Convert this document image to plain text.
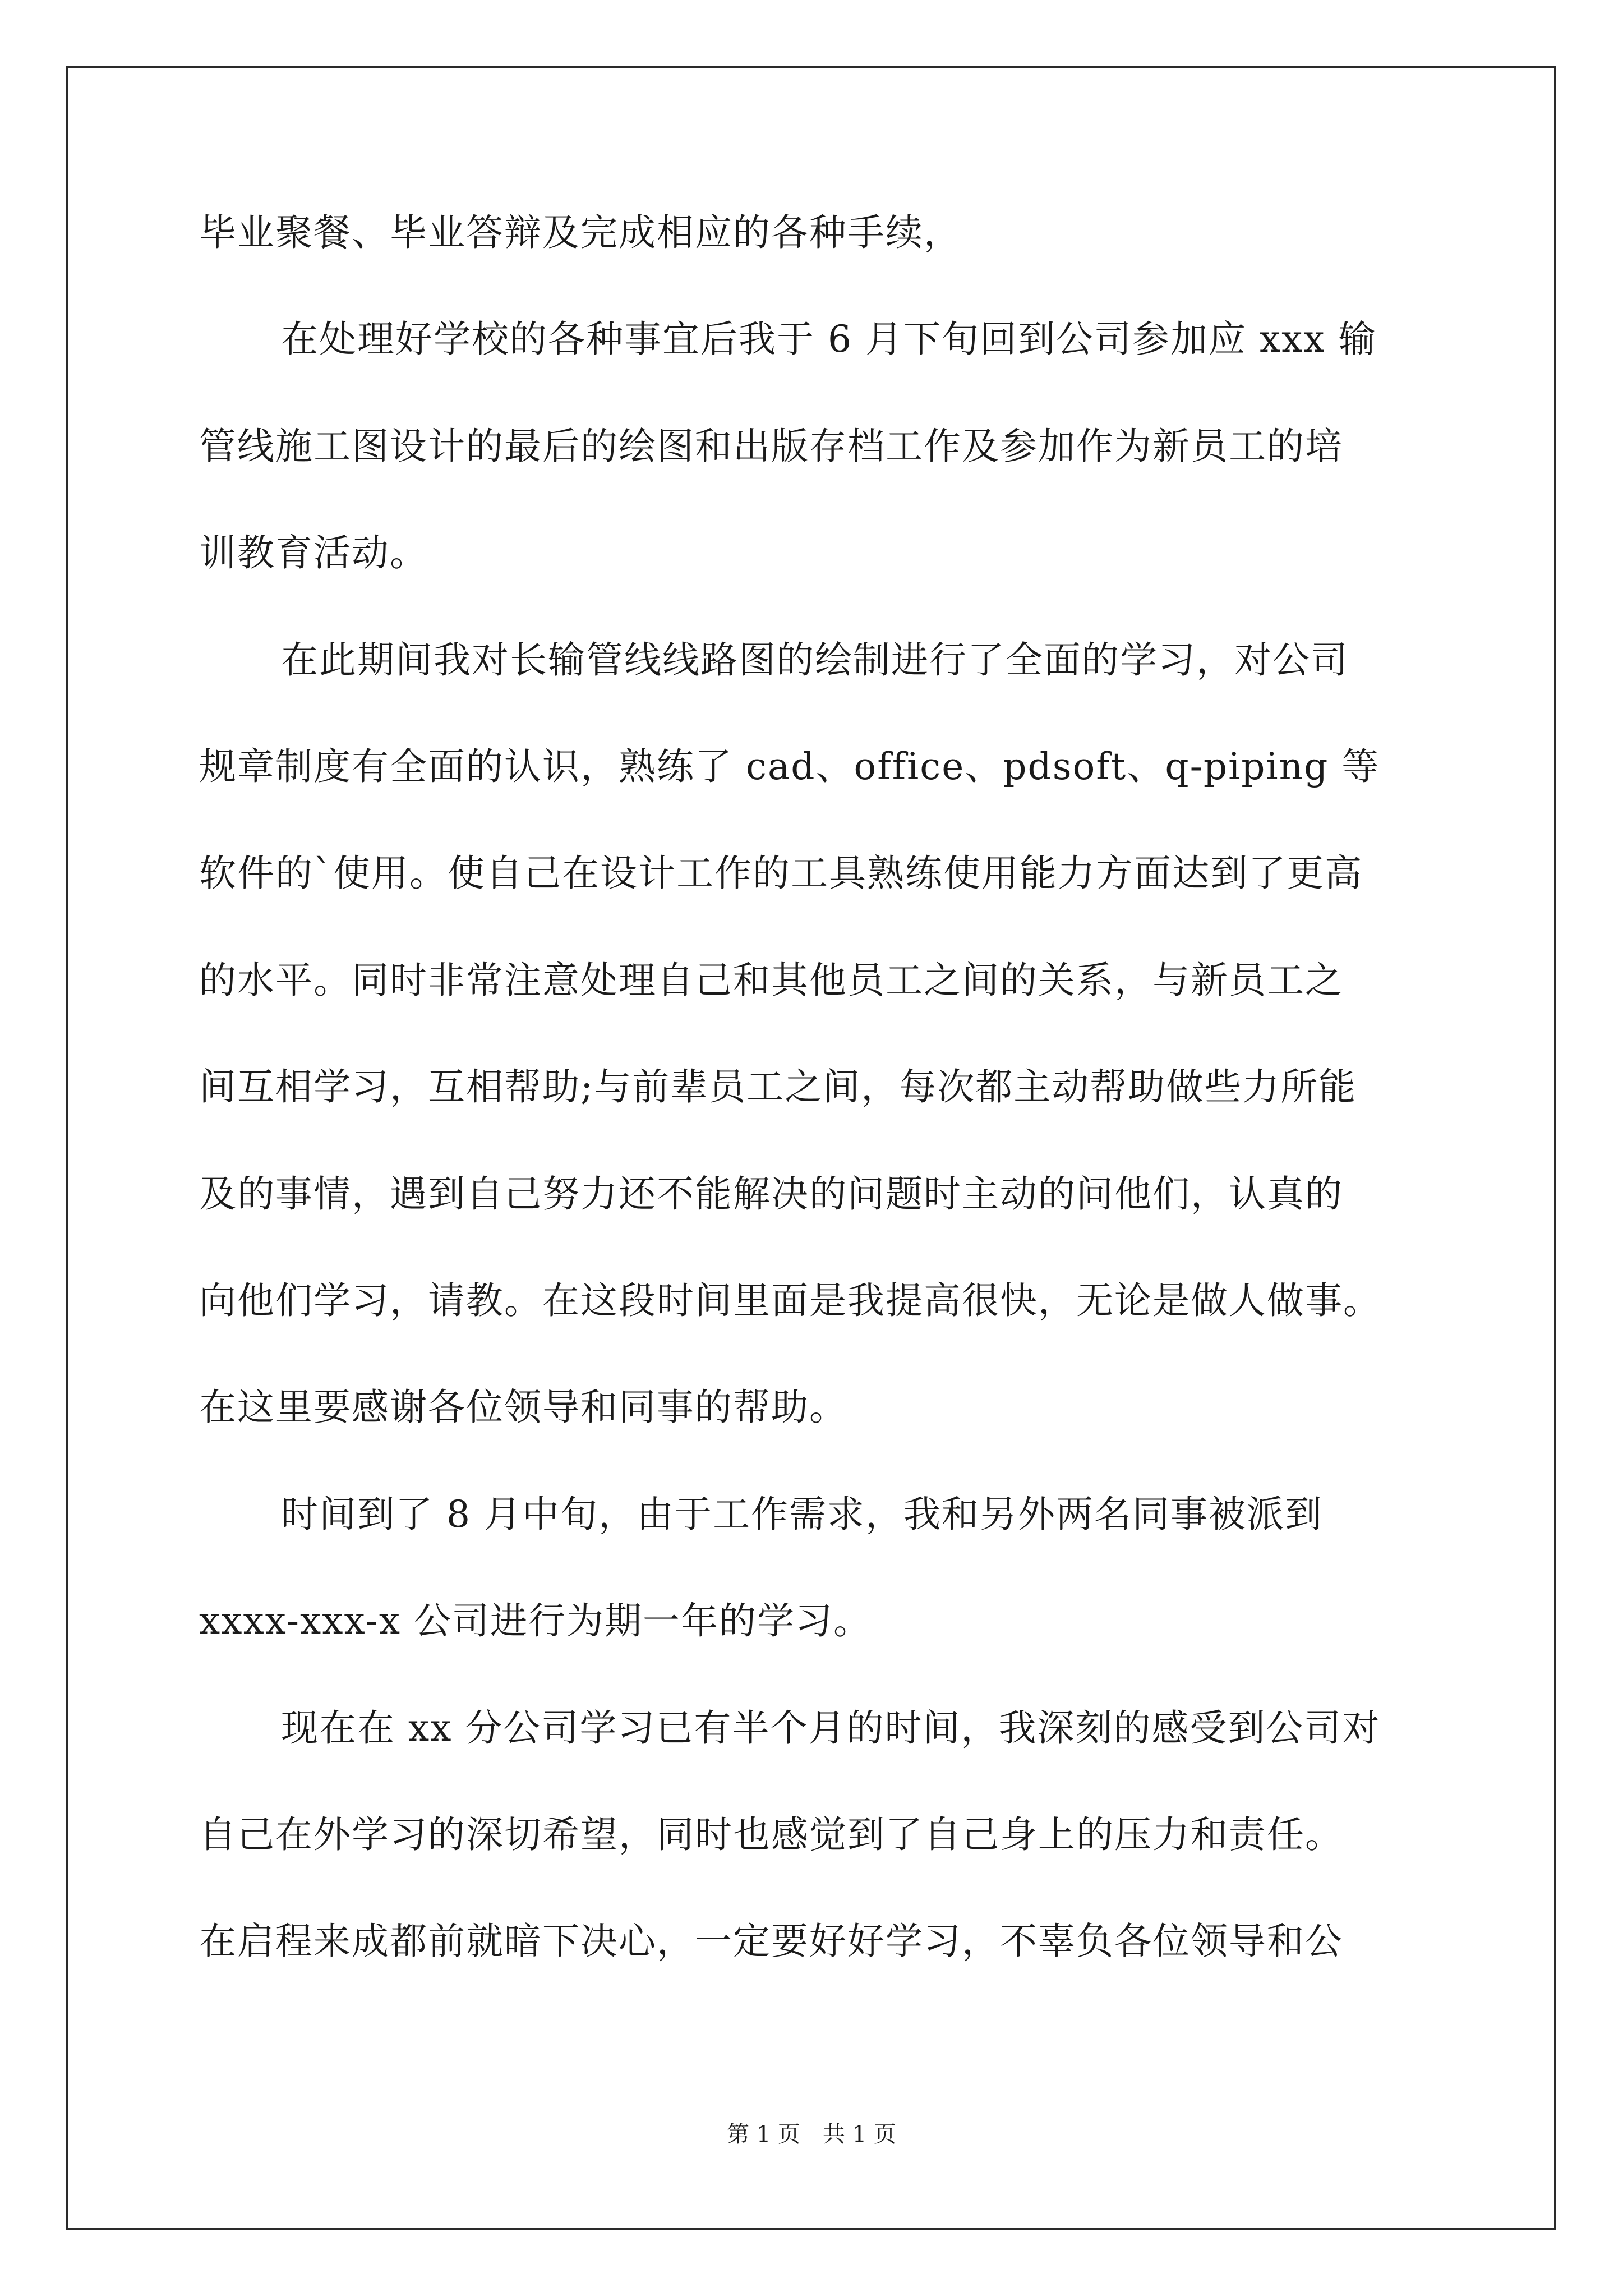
毕业聚餐、毕业答辩及完成相应的各种手续，
在处理好学校的各种事宜后我于 6 月下旬回到公司参加应 xxx 输
管线施工图设计的最后的绘图和出版存档工作及参加作为新员工的培
训教育活动。
在此期间我对长输管线线路图的绘制进行了全面的学习，对公司
规章制度有全面的认识，熟练了 cad、office、pdsoft、q-piping 等
软件的`使用。使自己在设计工作的工具熟练使用能力方面达到了更高
的水平。同时非常注意处理自己和其他员工之间的关系，与新员工之
间互相学习，互相帮助;与前辈员工之间，每次都主动帮助做些力所能
及的事情，遇到自己努力还不能解决的问题时主动的问他们，认真的
向他们学习，请教。在这段时间里面是我提高很快，无论是做人做事。
在这里要感谢各位领导和同事的帮助。
时间到了 8 月中旬，由于工作需求，我和另外两名同事被派到
xxxx-xxx-x 公司进行为期一年的学习。
现在在 xx 分公司学习已有半个月的时间，我深刻的感受到公司对
自己在外学习的深切希望，同时也感觉到了自己身上的压力和责任。
在启程来成都前就暗下决心，一定要好好学习，不辜负各位领导和公
第 1 页　共 1 页
